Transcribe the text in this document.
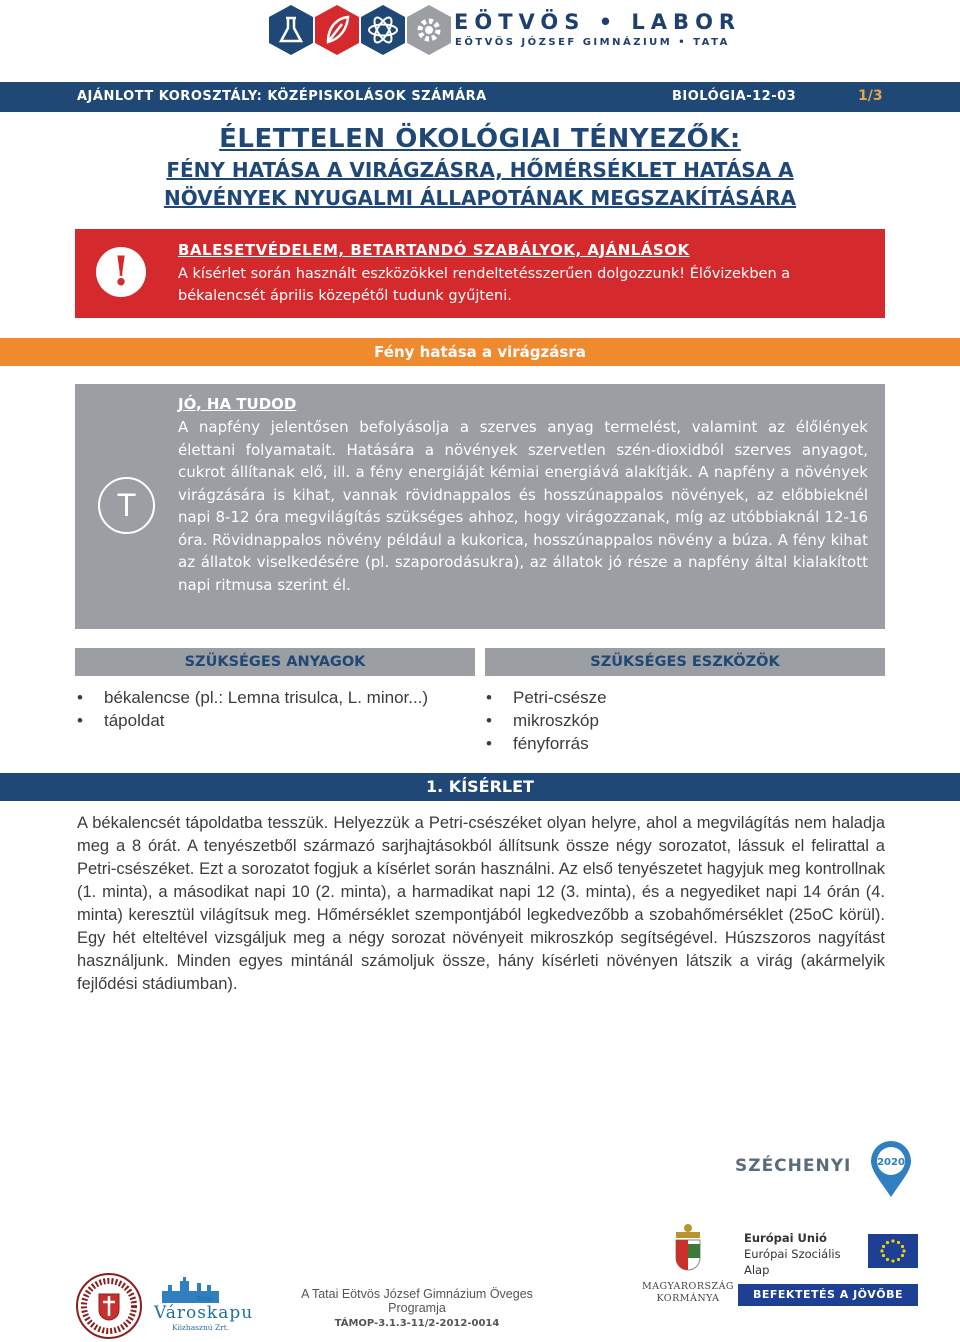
EÖTVÖS • LABOR
EÖTVÖS JÓZSEF GIMNÁZIUM • TATA
AJÁNLOTT KOROSZTÁLY: KÖZÉPISKOLÁSOK SZÁMÁRA	BIOLÓGIA-12-03	1/3
ÉLETTELEN ÖKOLÓGIAI TÉNYEZŐK:
FÉNY HATÁSA A VIRÁGZÁSRA, HŐMÉRSÉKLET HATÁSA A
NÖVÉNYEK NYUGALMI ÁLLAPOTÁNAK MEGSZAKÍTÁSÁRA
!	BALESETVÉDELEM, BETARTANDÓ SZABÁLYOK, AJÁNLÁSOK
A kísérlet során használt eszközökkel rendeltetésszerűen dolgozzunk! Élővizekben a békalencsét április közepétől tudunk gyűjteni.
Fény hatása a virágzásra
T
JÓ, HA TUDOD
A napfény jelentősen befolyásolja a szerves anyag termelést, valamint az élőlények élettani folyamatait. Hatására a növények szervetlen szén-dioxidból szerves anyagot, cukrot állítanak elő, ill. a fény energiáját kémiai energiává alakítják. A napfény a növények virágzására is kihat, vannak rövidnappalos és hosszúnappalos növények, az előbbieknél napi 8-12 óra megvilágítás szükséges ahhoz, hogy virágozzanak, míg az utóbbiaknál 12-16 óra. Rövidnappalos növény például a kukorica, hosszúnappalos növény a búza. A fény kihat az állatok viselkedésére (pl. szaporodásukra), az állatok jó része a napfény által kialakított napi ritmusa szerint él.
SZÜKSÉGES ANYAGOK	SZÜKSÉGES ESZKÖZÖK
• békalencse (pl.: Lemna trisulca, L. minor...)
• tápoldat
• Petri-csésze
• mikroszkóp
• fényforrás
1. KÍSÉRLET
A békalencsét tápoldatba tesszük. Helyezzük a Petri-csészéket olyan helyre, ahol a megvilágítás nem haladja meg a 8 órát. A tenyészetből származó sarjhajtásokból állítsunk össze négy sorozatot, lássuk el felirattal a Petri-csészéket. Ezt a sorozatot fogjuk a kísérlet során használni. Az első tenyészetet hagyjuk meg kontrollnak (1. minta), a másodikat napi 10 (2. minta), a harmadikat napi 12 (3. minta), és a negyediket napi 14 órán (4. minta) keresztül világítsuk meg. Hőmérséklet szempontjából legkedvezőbb a szobahőmérséklet (25oC körül). Egy hét elteltével vizsgáljuk meg a négy sorozat növényeit mikroszkóp segítségével. Húszszoros nagyítást használjunk. Minden egyes mintánál számoljuk össze, hány kísérleti növényen látszik a virág (akármelyik fejlődési stádiumban).
SZÉCHENYI	2020
MAGYARORSZÁG
KORMÁNYA
Európai Unió
Európai Szociális
Alap
BEFEKTETÉS A JÖVŐBE
A Tatai Eötvös József Gimnázium Öveges Programja
TÁMOP-3.1.3-11/2-2012-0014
Tatai
Városkapu
Közhasznú Zrt.
